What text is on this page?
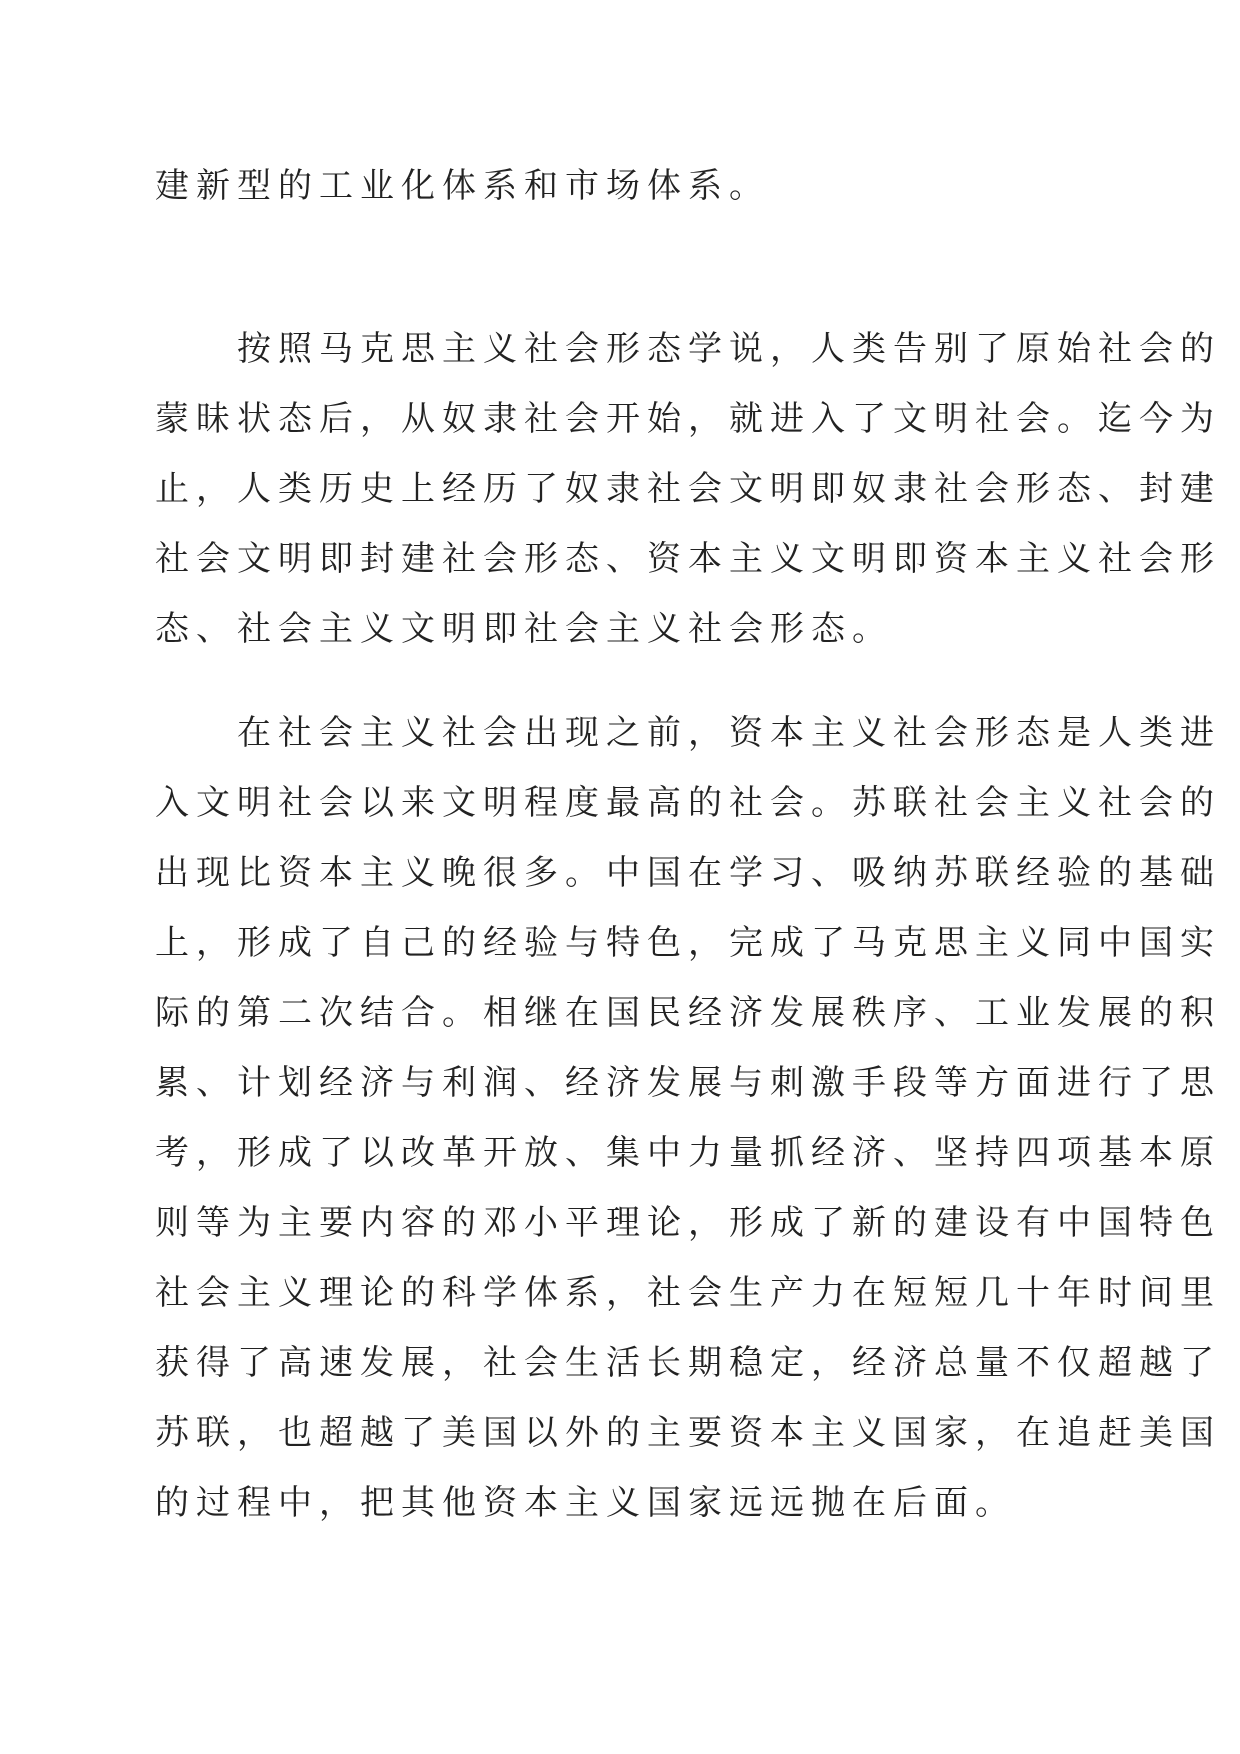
建新型的工业化体系和市场体系。
　　按照马克思主义社会形态学说，人类告别了原始社会的
蒙昧状态后，从奴隶社会开始，就进入了文明社会。迄今为
止，人类历史上经历了奴隶社会文明即奴隶社会形态、封建
社会文明即封建社会形态、资本主义文明即资本主义社会形
态、社会主义文明即社会主义社会形态。
　　在社会主义社会出现之前，资本主义社会形态是人类进
入文明社会以来文明程度最高的社会。苏联社会主义社会的
出现比资本主义晚很多。中国在学习、吸纳苏联经验的基础
上，形成了自己的经验与特色，完成了马克思主义同中国实
际的第二次结合。相继在国民经济发展秩序、工业发展的积
累、计划经济与利润、经济发展与刺激手段等方面进行了思
考，形成了以改革开放、集中力量抓经济、坚持四项基本原
则等为主要内容的邓小平理论，形成了新的建设有中国特色
社会主义理论的科学体系，社会生产力在短短几十年时间里
获得了高速发展，社会生活长期稳定，经济总量不仅超越了
苏联，也超越了美国以外的主要资本主义国家，在追赶美国
的过程中，把其他资本主义国家远远抛在后面。
